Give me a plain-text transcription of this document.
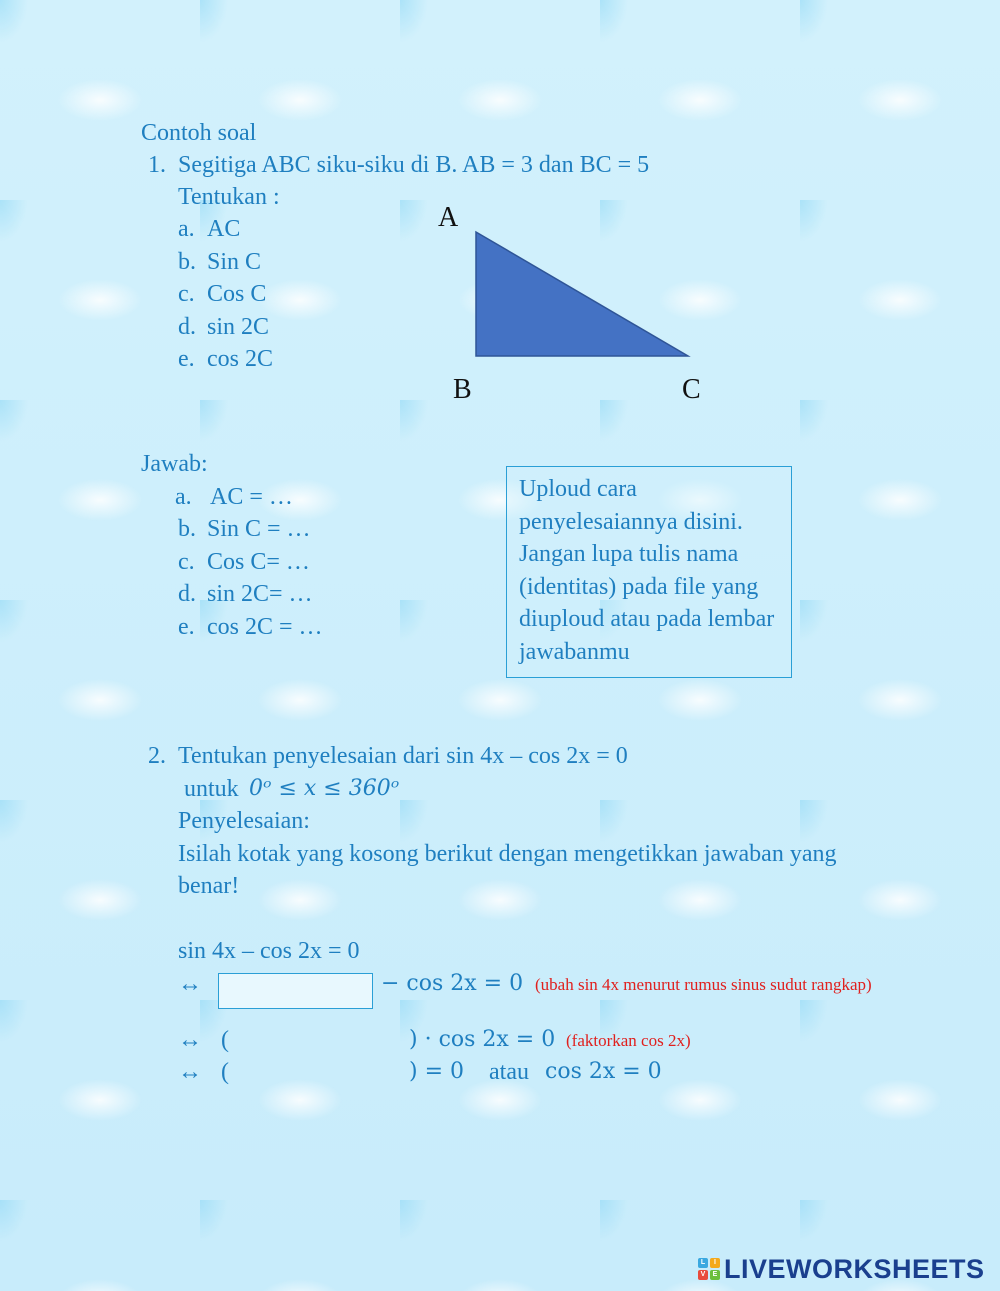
Contoh soal
1. Segitiga ABC siku-siku di B. AB = 3 dan BC = 5
Tentukan :
a. AC
b. Sin C
c. Cos C
d. sin 2C
e. cos 2C
A
B	C
Jawab:
a. AC = …
b. Sin C = …
c. Cos C= …
d. sin 2C= …
e. cos 2C = …
Uploud cara penyelesaiannya disini. Jangan lupa tulis nama (identitas) pada file yang diuploud atau pada lembar jawabanmu
2. Tentukan penyelesaian dari sin 4x – cos 2x = 0
untuk 0ᵒ ≤ x ≤ 360ᵒ
Penyelesaian:
Isilah kotak yang kosong berikut dengan mengetikkan jawaban yang
benar!
sin 4x – cos 2x = 0
↔	− cos 2x = 0 (ubah sin 4x menurut rumus sinus sudut rangkap)
↔ (	) · cos 2x = 0 (faktorkan cos 2x)
↔ (	) = 0 atau cos 2x = 0
L	I
V	E LIVEWORKSHEETS
